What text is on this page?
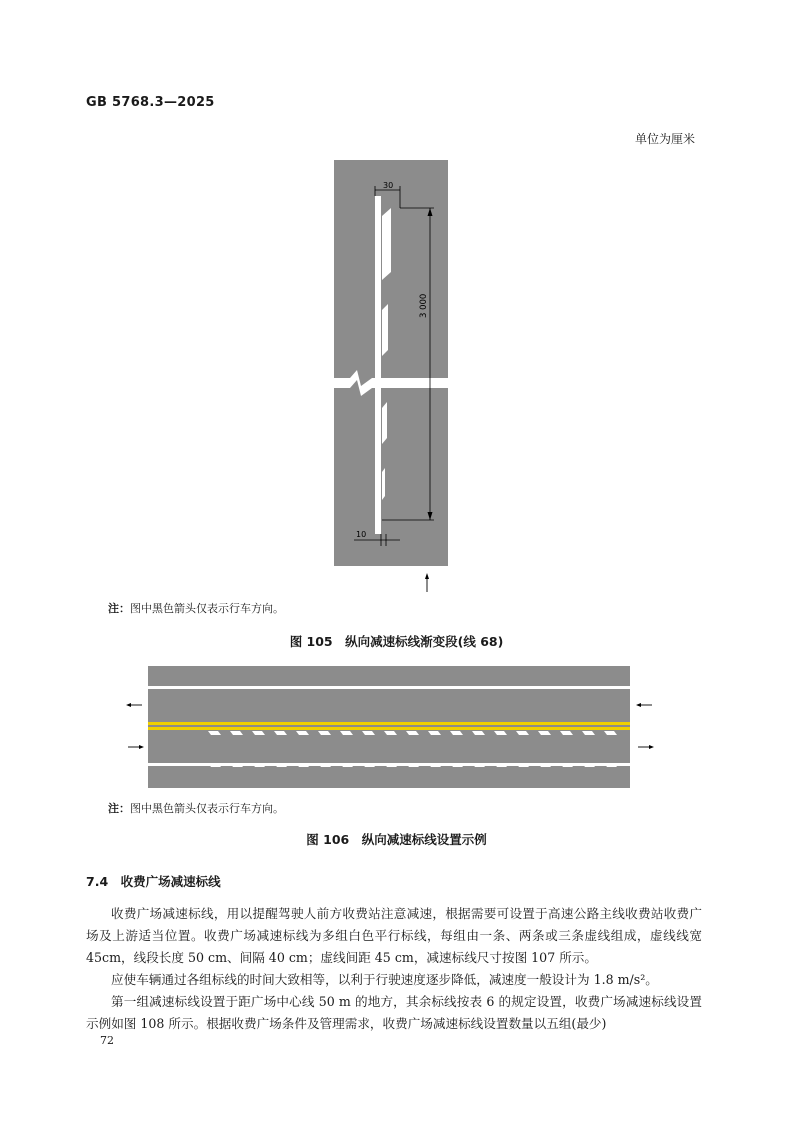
GB 5768.3—2025
单位为厘米
30
3 000
10
注：图中黑色箭头仅表示行车方向。
图 105　纵向减速标线渐变段(线 68)
注：图中黑色箭头仅表示行车方向。
图 106　纵向减速标线设置示例
7.4　收费广场减速标线
收费广场减速标线，用以提醒驾驶人前方收费站注意减速，根据需要可设置于高速公路主线收费站收费广场及上游适当位置。收费广场减速标线为多组白色平行标线，每组由一条、两条或三条虚线组成，虚线线宽 45cm，线段长度 50 cm、间隔 40 cm；虚线间距 45 cm，减速标线尺寸按图 107 所示。
应使车辆通过各组标线的时间大致相等，以利于行驶速度逐步降低，减速度一般设计为 1.8 m/s²。
第一组减速标线设置于距广场中心线 50 m 的地方，其余标线按表 6 的规定设置，收费广场减速标线设置示例如图 108 所示。根据收费广场条件及管理需求，收费广场减速标线设置数量以五组(最少)
72
